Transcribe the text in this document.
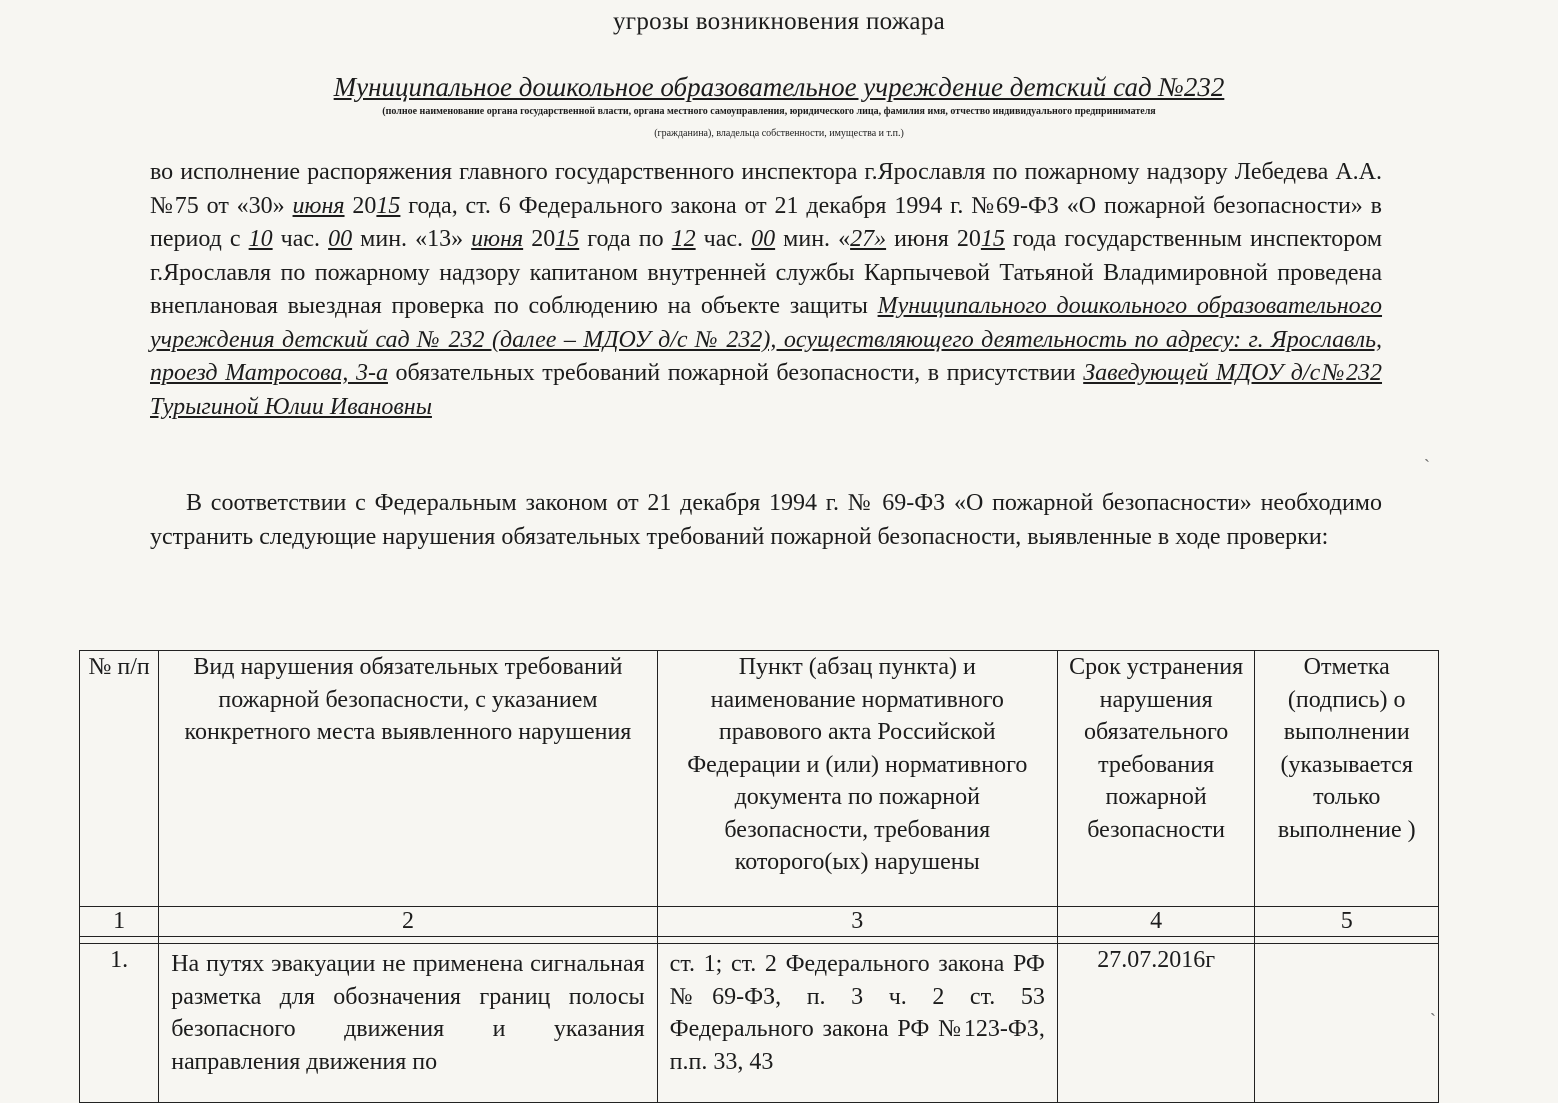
угрозы возникновения пожара
Муниципальное дошкольное образовательное учреждение детский сад №232
(полное наименование органа государственной власти, органа местного самоуправления, юридического лица, фамилия имя, отчество индивидуального предпринимателя
(гражданина), владельца собственности, имущества и т.п.)
во исполнение распоряжения главного государственного инспектора г.Ярославля по пожарному надзору Лебедева А.А. №75 от «30» июня 2015 года, ст. 6 Федерального закона от 21 декабря 1994 г. №69-ФЗ «О пожарной безопасности» в период с 10 час. 00 мин. «13» июня 2015 года по 12 час. 00 мин. «27» июня 2015 года государственным инспектором г.Ярославля по пожарному надзору капитаном внутренней службы Карпычевой Татьяной Владимировной проведена внеплановая выездная проверка по соблюдению на объекте защиты Муниципального дошкольного образовательного учреждения детский сад № 232 (далее – МДОУ д/с № 232), осуществляющего деятельность по адресу: г. Ярославль, проезд Матросова, 3-а обязательных требований пожарной безопасности, в присутствии Заведующей МДОУ д/с№232 Турыгиной Юлии Ивановны
В соответствии с Федеральным законом от 21 декабря 1994 г. № 69-ФЗ «О пожарной безопасности» необходимо устранить следующие нарушения обязательных требований пожарной безопасности, выявленные в ходе проверки:
№ п/п	Вид нарушения обязательных требований пожарной безопасности, с указанием конкретного места выявленного нарушения	Пункт (абзац пункта) и наименование нормативного правового акта Российской Федерации и (или) нормативного документа по пожарной безопасности, требования которого(ых) нарушены	Срок устранения нарушения обязательного требования пожарной безопасности	Отметка (подпись) о выполнении (указывается только выполнение )
1	2	3	4	5

1.	На путях эвакуации не применена сигнальная разметка для обозначения границ полосы безопасного движения и указания направления движения по	ст. 1; ст. 2 Федерального закона РФ №69-ФЗ, п. 3 ч. 2 ст. 53 Федерального закона РФ №123-ФЗ, п.п. 33, 43	27.07.2016г	
`
`
